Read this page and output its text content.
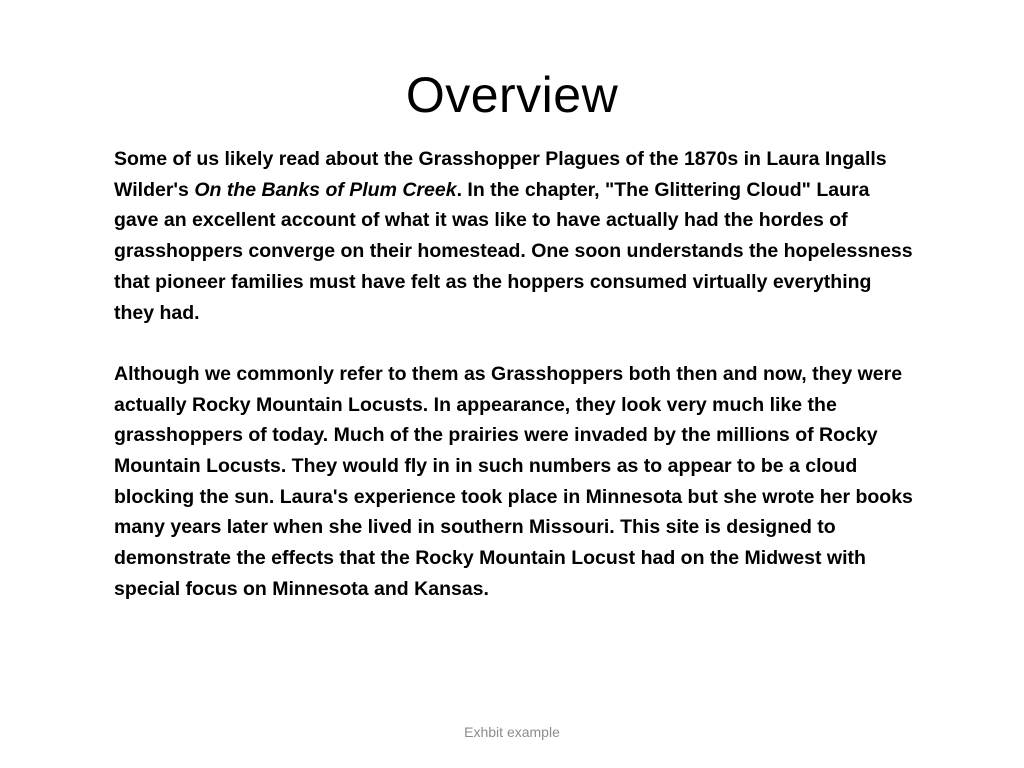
Overview

Some of us likely read about the Grasshopper Plagues of the 1870s in Laura Ingalls Wilder's On the Banks of Plum Creek. In the chapter, "The Glittering Cloud" Laura gave an excellent account of what it was like to have actually had the hordes of grasshoppers converge on their homestead. One soon understands the hopelessness that pioneer families must have felt as the hoppers consumed virtually everything they had.

Although we commonly refer to them as Grasshoppers both then and now, they were actually Rocky Mountain Locusts. In appearance, they look very much like the grasshoppers of today. Much of the prairies were invaded by the millions of Rocky Mountain Locusts. They would fly in in such numbers as to appear to be a cloud blocking the sun. Laura's experience took place in Minnesota but she wrote her books many years later when she lived in southern Missouri. This site is designed to demonstrate the effects that the Rocky Mountain Locust had on the Midwest with special focus on Minnesota and Kansas.

Exhbit example
